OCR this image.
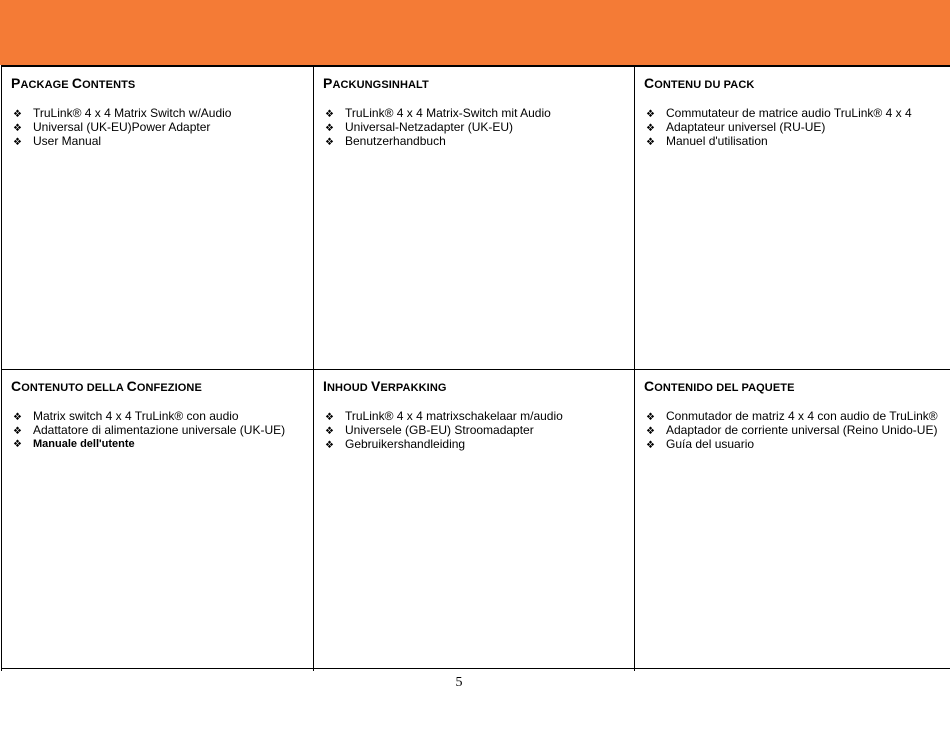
PACKAGE CONTENTS
❖ TruLink® 4 x 4 Matrix Switch w/Audio
❖ Universal (UK-EU)Power Adapter
❖ User Manual
PACKUNGSINHALT
❖ TruLink® 4 x 4 Matrix-Switch mit Audio
❖ Universal-Netzadapter (UK-EU)
❖ Benutzerhandbuch
CONTENU DU PACK
❖ Commutateur de matrice audio TruLink® 4 x 4
❖ Adaptateur universel (RU-UE)
❖ Manuel d'utilisation
CONTENUTO DELLA CONFEZIONE
❖ Matrix switch 4 x 4 TruLink® con audio
❖ Adattatore di alimentazione universale (UK-UE)
❖	Manuale dell'utente
INHOUD VERPAKKING
❖ TruLink® 4 x 4 matrixschakelaar m/audio
❖ Universele (GB-EU) Stroomadapter
❖ Gebruikershandleiding
CONTENIDO DEL PAQUETE
❖ Conmutador de matriz 4 x 4 con audio de TruLink®
❖ Adaptador de corriente universal (Reino Unido-UE)
❖ Guía del usuario
5
